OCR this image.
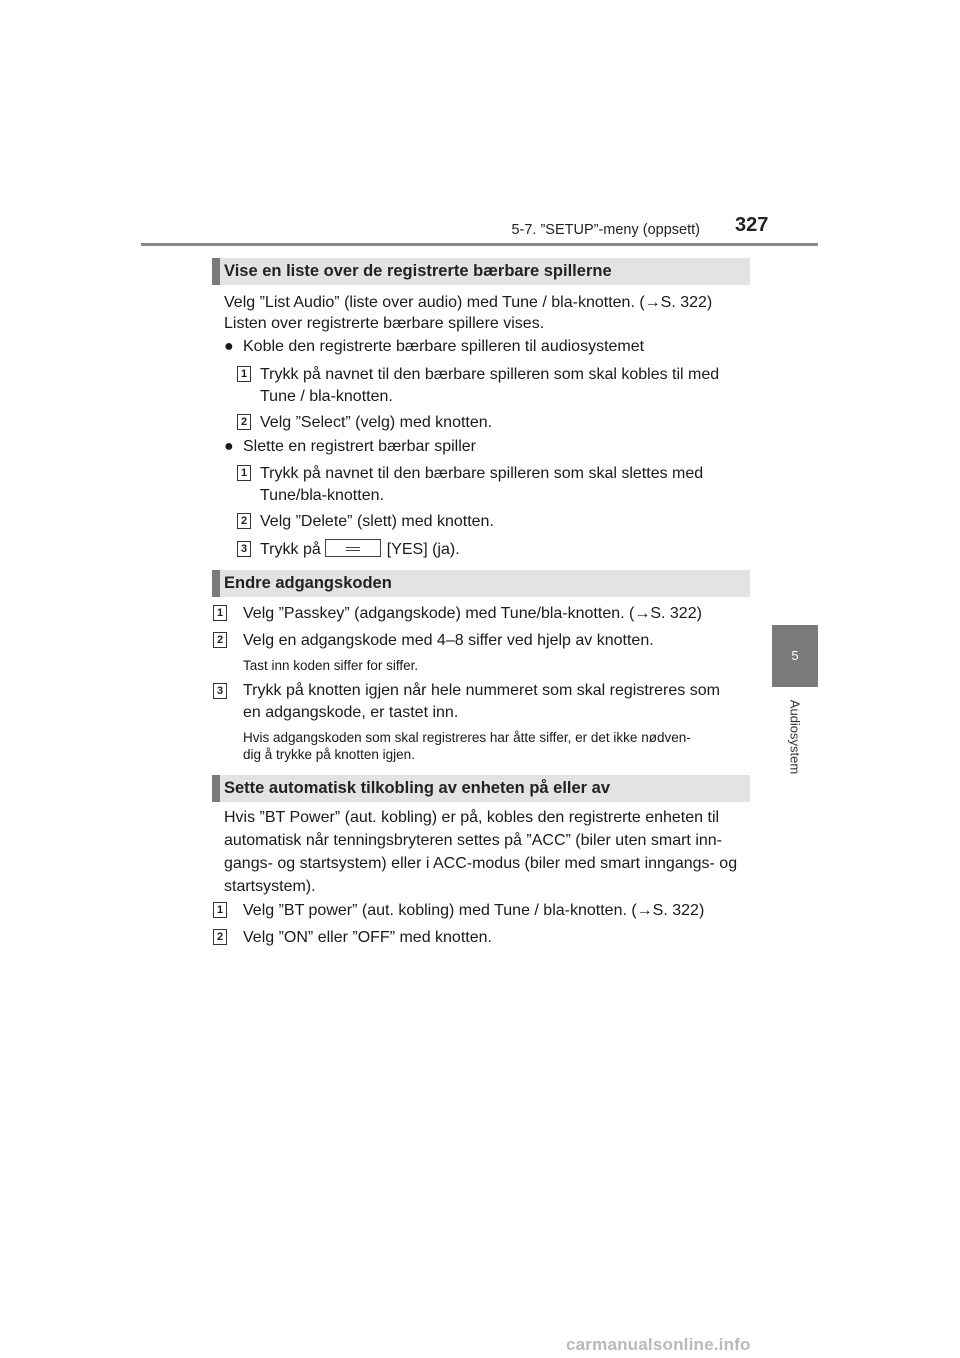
5-7. ”SETUP”-meny (oppsett) 327
5
Audiosystem
Vise en liste over de registrerte bærbare spillerne
Velg ”List Audio” (liste over audio) med Tune / bla-knotten. (→S. 322)
Listen over registrerte bærbare spillere vises.
● Koble den registrerte bærbare spilleren til audiosystemet
1 Trykk på navnet til den bærbare spilleren som skal kobles til med
Tune / bla-knotten.
2 Velg ”Select” (velg) med knotten.
● Slette en registrert bærbar spiller
1 Trykk på navnet til den bærbare spilleren som skal slettes med
Tune/bla-knotten.
2 Velg ”Delete” (slett) med knotten.
3 Trykk på	[YES] (ja).
Endre adgangskoden
1 Velg ”Passkey” (adgangskode) med Tune/bla-knotten. (→S. 322)
2 Velg en adgangskode med 4–8 siffer ved hjelp av knotten.
Tast inn koden siffer for siffer.
3 Trykk på knotten igjen når hele nummeret som skal registreres som
en adgangskode, er tastet inn.
Hvis adgangskoden som skal registreres har åtte siffer, er det ikke nødven-
dig å trykke på knotten igjen.
Sette automatisk tilkobling av enheten på eller av
Hvis ”BT Power” (aut. kobling) er på, kobles den registrerte enheten til
automatisk når tenningsbryteren settes på ”ACC” (biler uten smart inn-
gangs- og startsystem) eller i ACC-modus (biler med smart inngangs- og
startsystem).
1 Velg ”BT power” (aut. kobling) med Tune / bla-knotten. (→S. 322)
2 Velg ”ON” eller ”OFF” med knotten.
carmanualsonline.info
